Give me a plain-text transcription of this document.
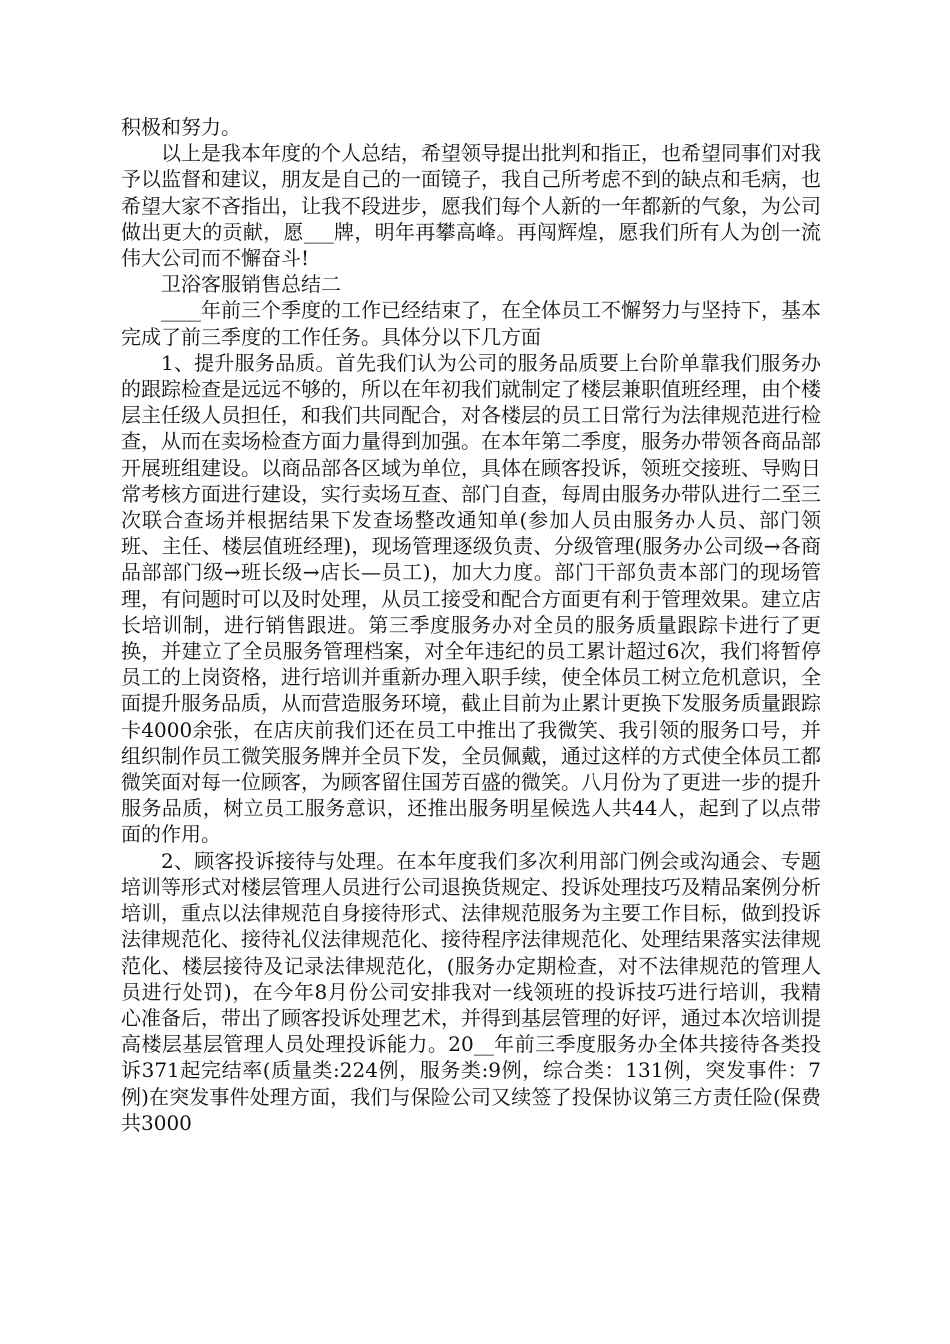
积极和努力。

以上是我本年度的个人总结，希望领导提出批判和指正，也希望同事们对我予以监督和建议，朋友是自己的一面镜子，我自己所考虑不到的缺点和毛病，也希望大家不吝指出，让我不段进步，愿我们每个人新的一年都新的气象，为公司做出更大的贡献，愿___牌，明年再攀高峰。再闯辉煌，愿我们所有人为创一流伟大公司而不懈奋斗!

卫浴客服销售总结二

____年前三个季度的工作已经结束了，在全体员工不懈努力与坚持下，基本完成了前三季度的工作任务。具体分以下几方面

1、提升服务品质。首先我们认为公司的服务品质要上台阶单靠我们服务办的跟踪检查是远远不够的，所以在年初我们就制定了楼层兼职值班经理，由个楼层主任级人员担任，和我们共同配合，对各楼层的员工日常行为法律规范进行检查，从而在卖场检查方面力量得到加强。在本年第二季度，服务办带领各商品部开展班组建设。以商品部各区域为单位，具体在顾客投诉，领班交接班、导购日常考核方面进行建设，实行卖场互查、部门自查，每周由服务办带队进行二至三次联合查场并根据结果下发查场整改通知单(参加人员由服务办人员、部门领班、主任、楼层值班经理)，现场管理逐级负责、分级管理(服务办公司级→各商品部部门级→班长级→店长—员工)，加大力度。部门干部负责本部门的现场管理，有问题时可以及时处理，从员工接受和配合方面更有利于管理效果。建立店长培训制，进行销售跟进。第三季度服务办对全员的服务质量跟踪卡进行了更换，并建立了全员服务管理档案，对全年违纪的员工累计超过6次，我们将暂停员工的上岗资格，进行培训并重新办理入职手续，使全体员工树立危机意识，全面提升服务品质，从而营造服务环境，截止目前为止累计更换下发服务质量跟踪卡4000余张，在店庆前我们还在员工中推出了我微笑、我引领的服务口号，并组织制作员工微笑服务牌并全员下发，全员佩戴，通过这样的方式使全体员工都微笑面对每一位顾客，为顾客留住国芳百盛的微笑。八月份为了更进一步的提升服务品质，树立员工服务意识，还推出服务明星候选人共44人，起到了以点带面的作用。

2、顾客投诉接待与处理。在本年度我们多次利用部门例会或沟通会、专题培训等形式对楼层管理人员进行公司退换货规定、投诉处理技巧及精品案例分析培训，重点以法律规范自身接待形式、法律规范服务为主要工作目标，做到投诉法律规范化、接待礼仪法律规范化、接待程序法律规范化、处理结果落实法律规范化、楼层接待及记录法律规范化，(服务办定期检查，对不法律规范的管理人员进行处罚)，在今年8月份公司安排我对一线领班的投诉技巧进行培训，我精心准备后，带出了顾客投诉处理艺术，并得到基层管理的好评，通过本次培训提高楼层基层管理人员处理投诉能力。20__年前三季度服务办全体共接待各类投诉371起完结率(质量类:224例，服务类:9例，综合类：131例，突发事件：7例)在突发事件处理方面，我们与保险公司又续签了投保协议第三方责任险(保费共3000
